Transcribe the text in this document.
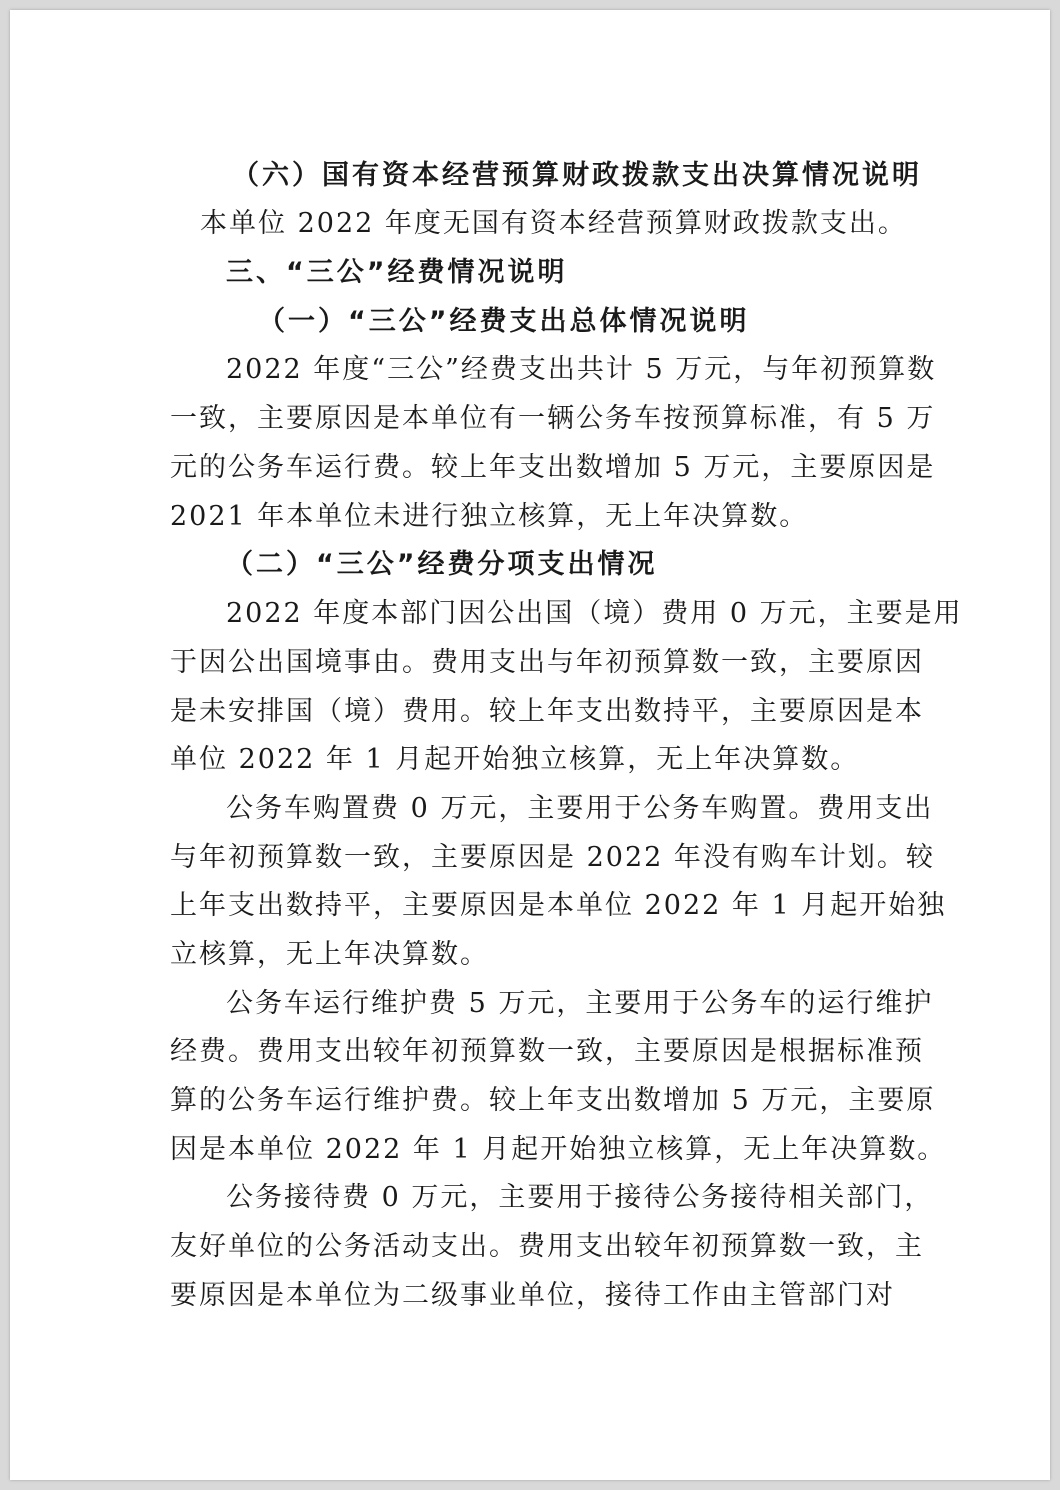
（六）国有资本经营预算财政拨款支出决算情况说明
本单位 2022 年度无国有资本经营预算财政拨款支出。
三、“三公”经费情况说明
（一）“三公”经费支出总体情况说明
2022 年度“三公”经费支出共计 5 万元，与年初预算数
一致，主要原因是本单位有一辆公务车按预算标准，有 5 万
元的公务车运行费。较上年支出数增加 5 万元，主要原因是
2021 年本单位未进行独立核算，无上年决算数。
（二）“三公”经费分项支出情况
2022 年度本部门因公出国（境）费用 0 万元，主要是用
于因公出国境事由。费用支出与年初预算数一致，主要原因
是未安排国（境）费用。较上年支出数持平，主要原因是本
单位 2022 年 1 月起开始独立核算，无上年决算数。
公务车购置费 0 万元，主要用于公务车购置。费用支出
与年初预算数一致，主要原因是 2022 年没有购车计划。较
上年支出数持平，主要原因是本单位 2022 年 1 月起开始独
立核算，无上年决算数。
公务车运行维护费 5 万元，主要用于公务车的运行维护
经费。费用支出较年初预算数一致，主要原因是根据标准预
算的公务车运行维护费。较上年支出数增加 5 万元，主要原
因是本单位 2022 年 1 月起开始独立核算，无上年决算数。
公务接待费 0 万元，主要用于接待公务接待相关部门，
友好单位的公务活动支出。费用支出较年初预算数一致，主
要原因是本单位为二级事业单位，接待工作由主管部门对
